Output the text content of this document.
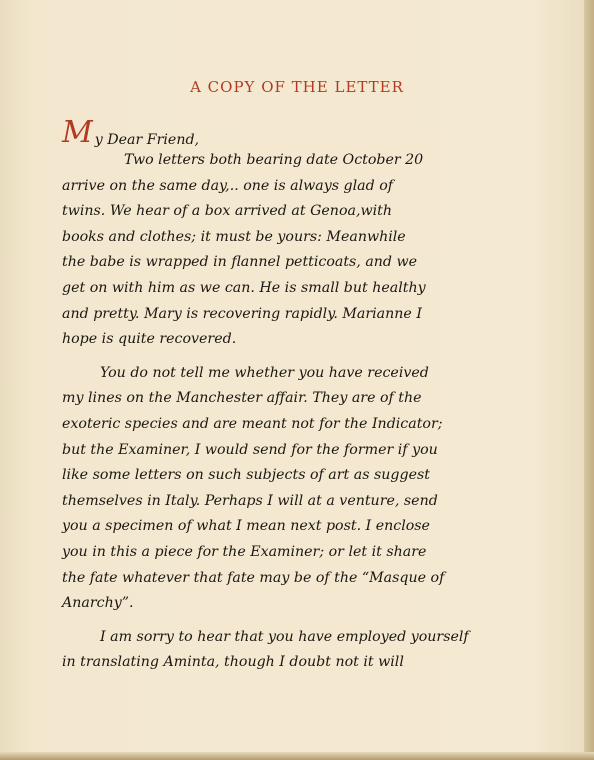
A COPY OF THE LETTER
M y Dear Friend,
Two letters both bearing date October 20
arrive on the same day,.. one is always glad of
twins. We hear of a box arrived at Genoa,with
books and clothes; it must be yours: Meanwhile
the babe is wrapped in flannel petticoats, and we
get on with him as we can. He is small but healthy
and pretty. Mary is recovering rapidly. Marianne I
hope is quite recovered.
You do not tell me whether you have received
my lines on the Manchester affair. They are of the
exoteric species and are meant not for the Indicator;
but the Examiner, I would send for the former if you
like some letters on such subjects of art as suggest
themselves in Italy. Perhaps I will at a venture, send
you a specimen of what I mean next post. I enclose
you in this a piece for the Examiner; or let it share
the fate whatever that fate may be of the “Masque of
Anarchy”.
I am sorry to hear that you have employed yourself
in translating Aminta, though I doubt not it will
